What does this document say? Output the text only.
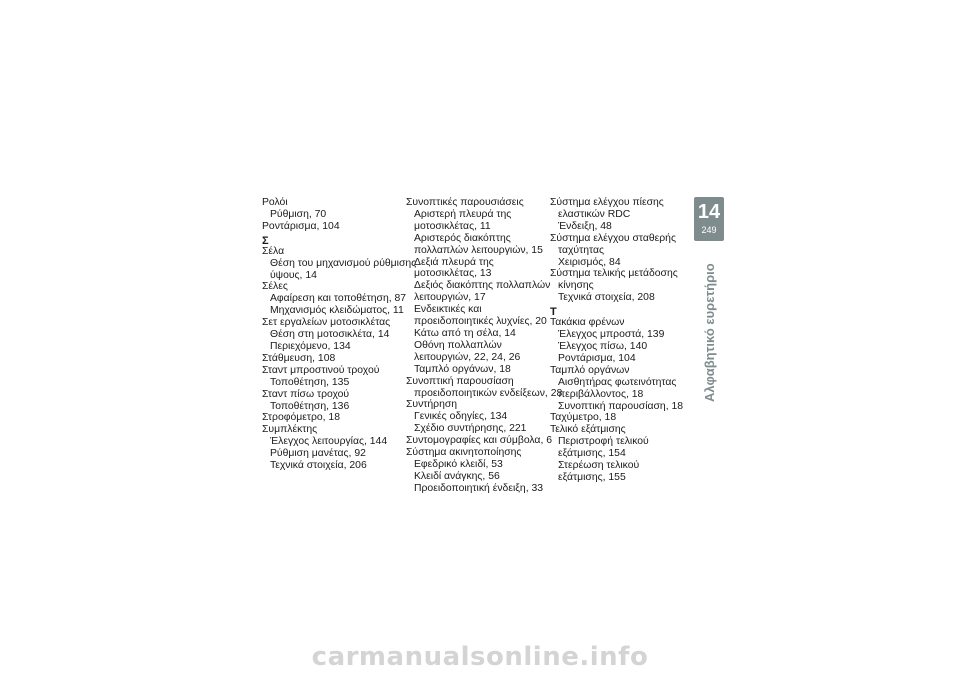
Ρολόι
Ρύθμιση, 70
Ροντάρισμα, 104
Σ
Σέλα
Θέση του μηχανισμού ρύθμισης
ύψους, 14
Σέλες
Αφαίρεση και τοποθέτηση, 87
Μηχανισμός κλειδώματος, 11
Σετ εργαλείων μοτοσικλέτας
Θέση στη μοτοσικλέτα, 14
Περιεχόμενο, 134
Στάθμευση, 108
Σταντ μπροστινού τροχού
Τοποθέτηση, 135
Σταντ πίσω τροχού
Τοποθέτηση, 136
Στροφόμετρο, 18
Συμπλέκτης
Έλεγχος λειτουργίας, 144
Ρύθμιση μανέτας, 92
Τεχνικά στοιχεία, 206
Συνοπτικές παρουσιάσεις
Αριστερή πλευρά της
μοτοσικλέτας, 11
Αριστερός διακόπτης
πολλαπλών λειτουργιών, 15
Δεξιά πλευρά της
μοτοσικλέτας, 13
Δεξιός διακόπτης πολλαπλών
λειτουργιών, 17
Ενδεικτικές και
προειδοποιητικές λυχνίες, 20
Κάτω από τη σέλα, 14
Οθόνη πολλαπλών
λειτουργιών, 22, 24, 26
Ταμπλό οργάνων, 18
Συνοπτική παρουσίαση
προειδοποιητικών ενδείξεων, 28
Συντήρηση
Γενικές οδηγίες, 134
Σχέδιο συντήρησης, 221
Συντομογραφίες και σύμβολα, 6
Σύστημα ακινητοποίησης
Εφεδρικό κλειδί, 53
Κλειδί ανάγκης, 56
Προειδοποιητική ένδειξη, 33
Σύστημα ελέγχου πίεσης
ελαστικών RDC
Ένδειξη, 48
Σύστημα ελέγχου σταθερής
ταχύτητας
Χειρισμός, 84
Σύστημα τελικής μετάδοσης
κίνησης
Τεχνικά στοιχεία, 208
Τ
Τακάκια φρένων
Έλεγχος μπροστά, 139
Έλεγχος πίσω, 140
Ροντάρισμα, 104
Ταμπλό οργάνων
Αισθητήρας φωτεινότητας
περιβάλλοντος, 18
Συνοπτική παρουσίαση, 18
Ταχύμετρο, 18
Τελικό εξάτμισης
Περιστροφή τελικού
εξάτμισης, 154
Στερέωση τελικού
εξάτμισης, 155
14
249
Αλφαβητικό ευρετήριο
carmanualsonline.info
